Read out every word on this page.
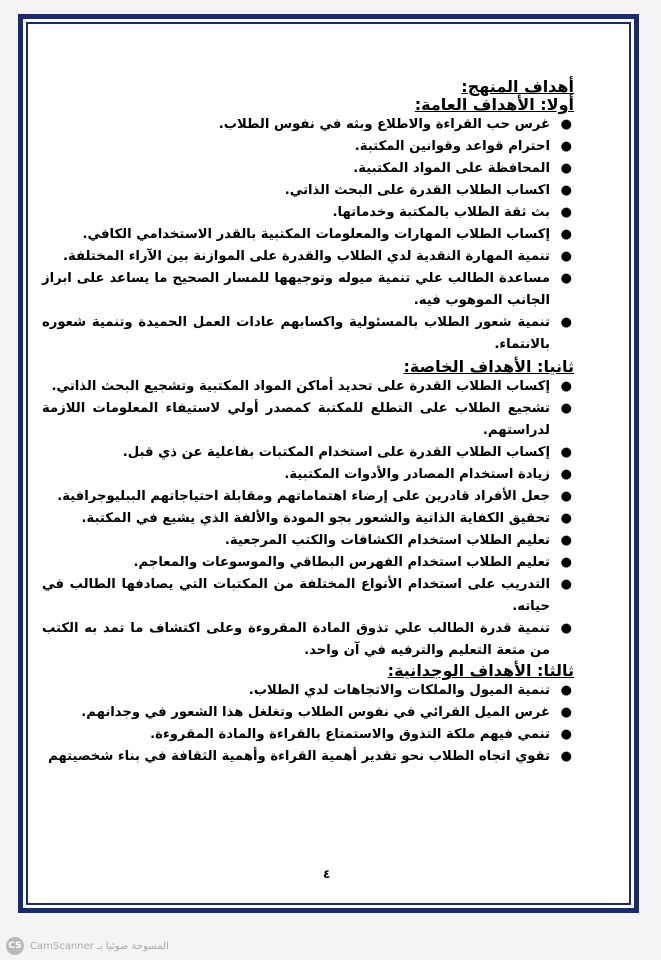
أهداف المنهج:
أولا: الأهداف العامة:
●
غرس حب القراءة والاطلاع وبثه في نفوس الطلاب.
●
احترام قواعد وقوانين المكتبة.
●
المحافظة على المواد المكتبية.
●
اكساب الطلاب القدرة على البحث الذاتي.
●
بث ثقة الطلاب بالمكتبة وخدماتها.
●
إكساب الطلاب المهارات والمعلومات المكتبية بالقدر الاستخدامي الكافي.
●
تنمية المهارة النقدية لدي الطلاب والقدرة على الموازنة بين الآراء المختلفة.
●
مساعدة الطالب علي تنمية ميوله وتوجيهها للمسار الصحيح ما يساعد على ابراز الجانب الموهوب فيه.
●
تنمية شعور الطلاب بالمسئولية واكسابهم عادات العمل الحميدة وتنمية شعوره بالانتماء.
ثانيا: الأهداف الخاصة:
●
إكساب الطلاب القدرة على تحديد أماكن المواد المكتبية وتشجيع البحث الذاتي.
●
تشجيع الطلاب على التطلع للمكتبة كمصدر أولي لاستيفاء المعلومات اللازمة لدراستهم.
●
إكساب الطلاب القدرة على استخدام المكتبات بفاعلية عن ذي قبل.
●
زيادة استخدام المصادر والأدوات المكتبية.
●
جعل الأفراد قادرين على إرضاء اهتماماتهم ومقابلة احتياجاتهم الببليوجرافية.
●
تحقيق الكفاية الذاتية والشعور بجو المودة والألفة الذي يشيع في المكتبة.
●
تعليم الطلاب استخدام الكشافات والكتب المرجعية.
●
تعليم الطلاب استخدام الفهرس البطاقي والموسوعات والمعاجم.
●
التدريب على استخدام الأنواع المختلفة من المكتبات التي يصادفها الطالب في حياته.
●
تنمية قدرة الطالب علي تذوق المادة المقروءة وعلى اكتشاف ما تمد به الكتب من متعة التعليم والترفيه في آن واحد.
ثالثا: الأهداف الوجدانية:
●
تنمية الميول والملكات والاتجاهات لدي الطلاب.
●
غرس الميل القرائي في نفوس الطلاب وتغلغل هذا الشعور في وجدانهم.
●
تنمي فيهم ملكة التذوق والاستمتاع بالقراءة والمادة المقروءة.
●
تقوي اتجاه الطلاب نحو تقدير أهمية القراءة وأهمية الثقافة في بناء شخصيتهم
٤
CS CamScanner المسوحة ضوئيا بـ
